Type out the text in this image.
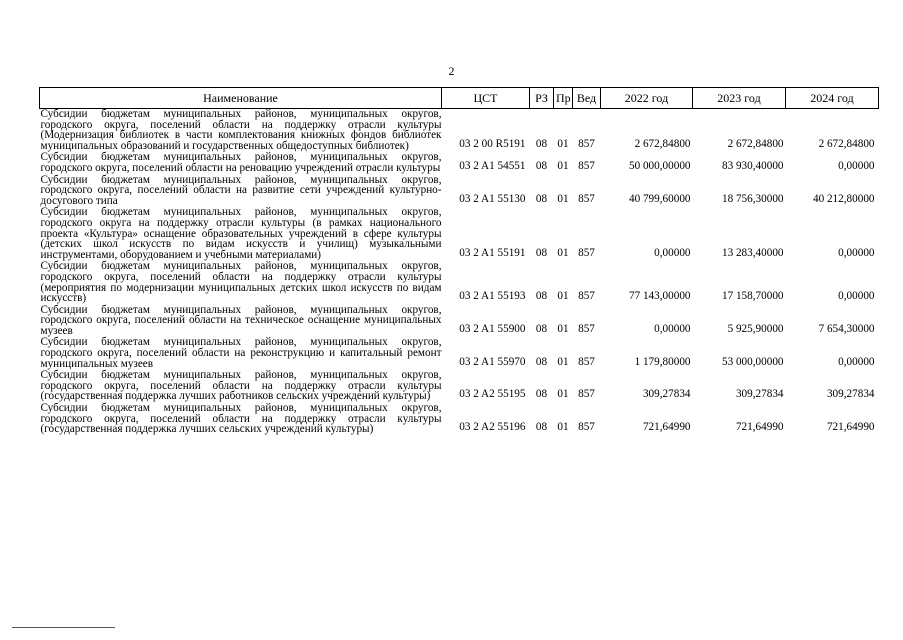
2
Наименование	ЦСТ	РЗ	Пр	Вед	2022 год	2023 год	2024 год
Субсидии бюджетам муниципальных районов, муниципальных округов, городского округа, поселений области на поддержку отрасли культуры (Модернизация библиотек в части комплектования книжных фондов библиотек муниципальных образований и государственных общедоступных библиотек)	03 2 00 R5191	08	01	857	2 672,84800	2 672,84800	2 672,84800
Субсидии бюджетам муниципальных районов, муниципальных округов, городского округа, поселений области на реновацию учреждений отрасли культуры	03 2 A1 54551	08	01	857	50 000,00000	83 930,40000	0,00000
Субсидии бюджетам муниципальных районов, муниципальных округов, городского округа, поселений области на развитие сети учреждений культурно-досугового типа	03 2 A1 55130	08	01	857	40 799,60000	18 756,30000	40 212,80000
Субсидии бюджетам муниципальных районов, муниципальных округов, городского округа на поддержку отрасли культуры (в рамках национального проекта «Культура» оснащение образовательных учреждений в сфере культуры (детских школ искусств по видам искусств и училищ) музыкальными инструментами, оборудованием и учебными материалами)	03 2 A1 55191	08	01	857	0,00000	13 283,40000	0,00000
Субсидии бюджетам муниципальных районов, муниципальных округов, городского округа, поселений области на поддержку отрасли культуры (мероприятия по модернизации муниципальных детских школ искусств по видам искусств)	03 2 A1 55193	08	01	857	77 143,00000	17 158,70000	0,00000
Субсидии бюджетам муниципальных районов, муниципальных округов, городского округа, поселений области на техническое оснащение муниципальных музеев	03 2 A1 55900	08	01	857	0,00000	5 925,90000	7 654,30000
Субсидии бюджетам муниципальных районов, муниципальных округов, городского округа, поселений области на реконструкцию и капитальный ремонт муниципальных музеев	03 2 A1 55970	08	01	857	1 179,80000	53 000,00000	0,00000
Субсидии бюджетам муниципальных районов, муниципальных округов, городского округа, поселений области на поддержку отрасли культуры (государственная поддержка лучших работников сельских учреждений культуры)	03 2 A2 55195	08	01	857	309,27834	309,27834	309,27834
Субсидии бюджетам муниципальных районов, муниципальных округов, городского округа, поселений области на поддержку отрасли культуры (государственная поддержка лучших сельских учреждений культуры)	03 2 A2 55196	08	01	857	721,64990	721,64990	721,64990
